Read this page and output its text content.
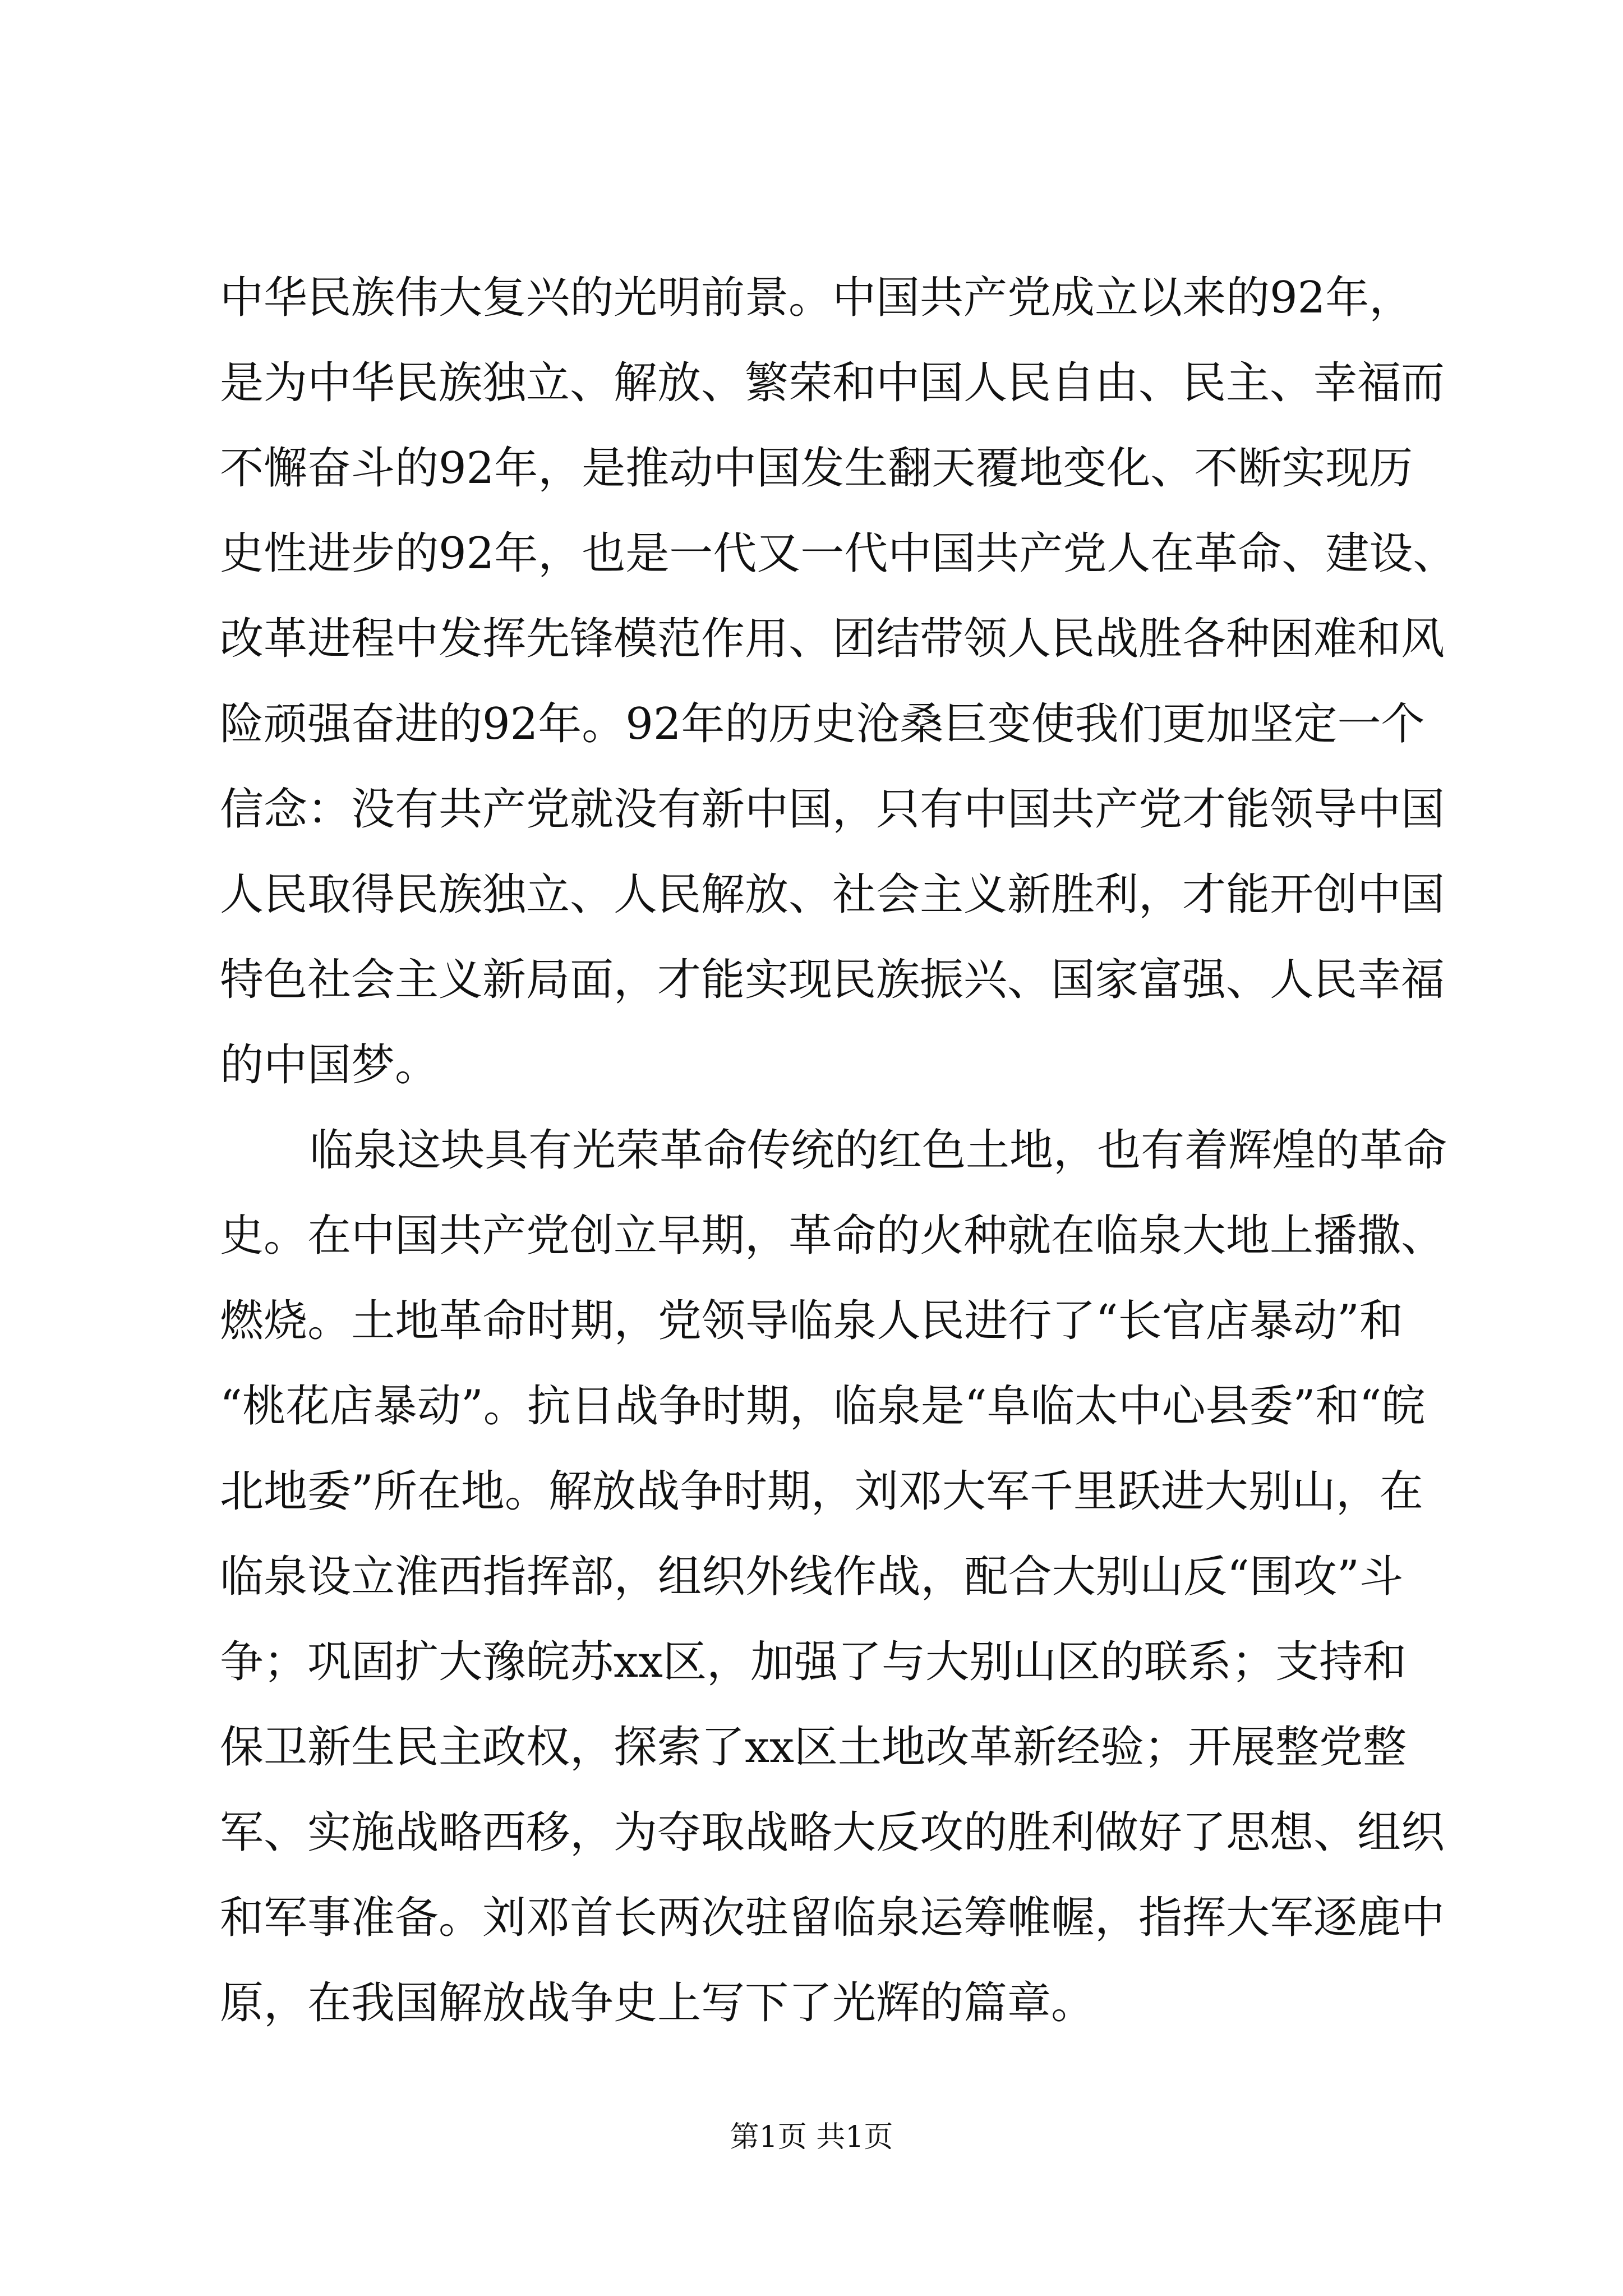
中华民族伟大复兴的光明前景。中国共产党成立以来的92年，
是为中华民族独立、解放、繁荣和中国人民自由、民主、幸福而
不懈奋斗的92年，是推动中国发生翻天覆地变化、不断实现历
史性进步的92年，也是一代又一代中国共产党人在革命、建设、
改革进程中发挥先锋模范作用、团结带领人民战胜各种困难和风
险顽强奋进的92年。92年的历史沧桑巨变使我们更加坚定一个
信念：没有共产党就没有新中国，只有中国共产党才能领导中国
人民取得民族独立、人民解放、社会主义新胜利，才能开创中国
特色社会主义新局面，才能实现民族振兴、国家富强、人民幸福
的中国梦。
临泉这块具有光荣革命传统的红色土地，也有着辉煌的革命
史。在中国共产党创立早期，革命的火种就在临泉大地上播撒、
燃烧。土地革命时期，党领导临泉人民进行了“长官店暴动”和
“桃花店暴动”。抗日战争时期，临泉是“阜临太中心县委”和“皖
北地委”所在地。解放战争时期，刘邓大军千里跃进大别山，在
临泉设立淮西指挥部，组织外线作战，配合大别山反“围攻”斗
争；巩固扩大豫皖苏xx区，加强了与大别山区的联系；支持和
保卫新生民主政权，探索了xx区土地改革新经验；开展整党整
军、实施战略西移，为夺取战略大反攻的胜利做好了思想、组织
和军事准备。刘邓首长两次驻留临泉运筹帷幄，指挥大军逐鹿中
原，在我国解放战争史上写下了光辉的篇章。
第1页 共1页
